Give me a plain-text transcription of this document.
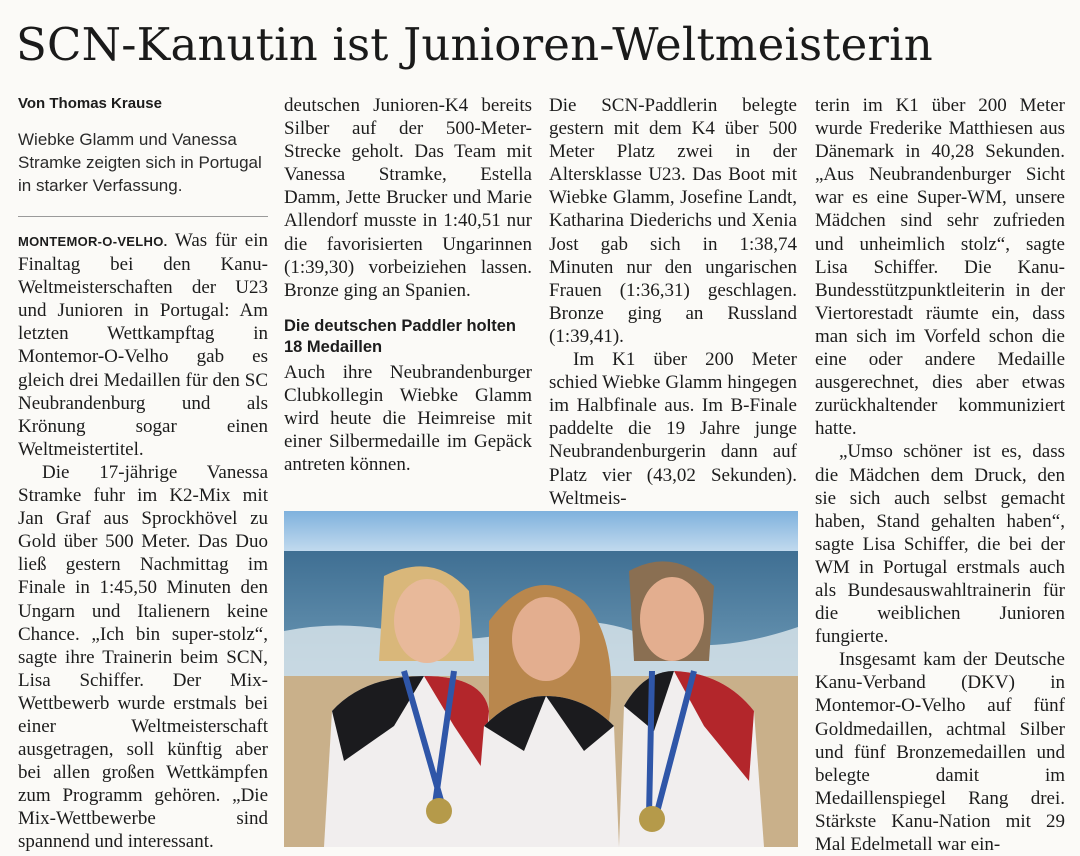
SCN-Kanutin ist Junioren-Weltmeisterin

Von Thomas Krause

Wiebke Glamm und Vanessa Stramke zeigten sich in Portugal in starker Verfassung.

MONTEMOR-O-VELHO. Was für ein Finaltag bei den Kanu-Weltmeisterschaften der U23 und Junioren in Portugal: Am letzten Wettkampftag in Montemor-O-Velho gab es gleich drei Medaillen für den SC Neubrandenburg und als Krönung sogar einen Weltmeistertitel.

Die 17-jährige Vanessa Stramke fuhr im K2-Mix mit Jan Graf aus Sprockhövel zu Gold über 500 Meter. Das Duo ließ gestern Nachmittag im Finale in 1:45,50 Minuten den Ungarn und Italienern keine Chance. „Ich bin super-stolz“, sagte ihre Trainerin beim SCN, Lisa Schiffer. Der Mix-Wettbewerb wurde erstmals bei einer Weltmeisterschaft ausgetragen, soll künftig aber bei allen großen Wettkämpfen zum Programm gehören. „Die Mix-Wettbewerbe sind spannend und interessant.

deutschen Junioren-K4 bereits Silber auf der 500-Meter-Strecke geholt. Das Team mit Vanessa Stramke, Estella Damm, Jette Brucker und Marie Allendorf musste in 1:40,51 nur die favorisierten Ungarinnen (1:39,30) vorbeiziehen lassen. Bronze ging an Spanien.

Die deutschen Paddler holten 18 Medaillen

Auch ihre Neubrandenburger Clubkollegin Wiebke Glamm wird heute die Heimreise mit einer Silbermedaille im Gepäck antreten können.

Die SCN-Paddlerin belegte gestern mit dem K4 über 500 Meter Platz zwei in der Altersklasse U23. Das Boot mit Wiebke Glamm, Josefine Landt, Katharina Diederichs und Xenia Jost gab sich in 1:38,74 Minuten nur den ungarischen Frauen (1:36,31) geschlagen. Bronze ging an Russland (1:39,41).

Im K1 über 200 Meter schied Wiebke Glamm hingegen im Halbfinale aus. Im B-Finale paddelte die 19 Jahre junge Neubrandenburgerin dann auf Platz vier (43,02 Sekunden). Weltmeis-

terin im K1 über 200 Meter wurde Frederike Matthiesen aus Dänemark in 40,28 Sekunden. „Aus Neubrandenburger Sicht war es eine Super-WM, unsere Mädchen sind sehr zufrieden und unheimlich stolz“, sagte Lisa Schiffer. Die Kanu-Bundesstützpunktleiterin in der Viertorestadt räumte ein, dass man sich im Vorfeld schon die eine oder andere Medaille ausgerechnet, dies aber etwas zurückhaltender kommuniziert hatte.

„Umso schöner ist es, dass die Mädchen dem Druck, den sie sich auch selbst gemacht haben, Stand gehalten haben“, sagte Lisa Schiffer, die bei der WM in Portugal erstmals auch als Bundesauswahltrainerin für die weiblichen Junioren fungierte.

Insgesamt kam der Deutsche Kanu-Verband (DKV) in Montemor-O-Velho auf fünf Goldmedaillen, achtmal Silber und fünf Bronzemedaillen und belegte damit im Medaillenspiegel Rang drei. Stärkste Kanu-Nation mit 29 Mal Edelmetall war ein-
